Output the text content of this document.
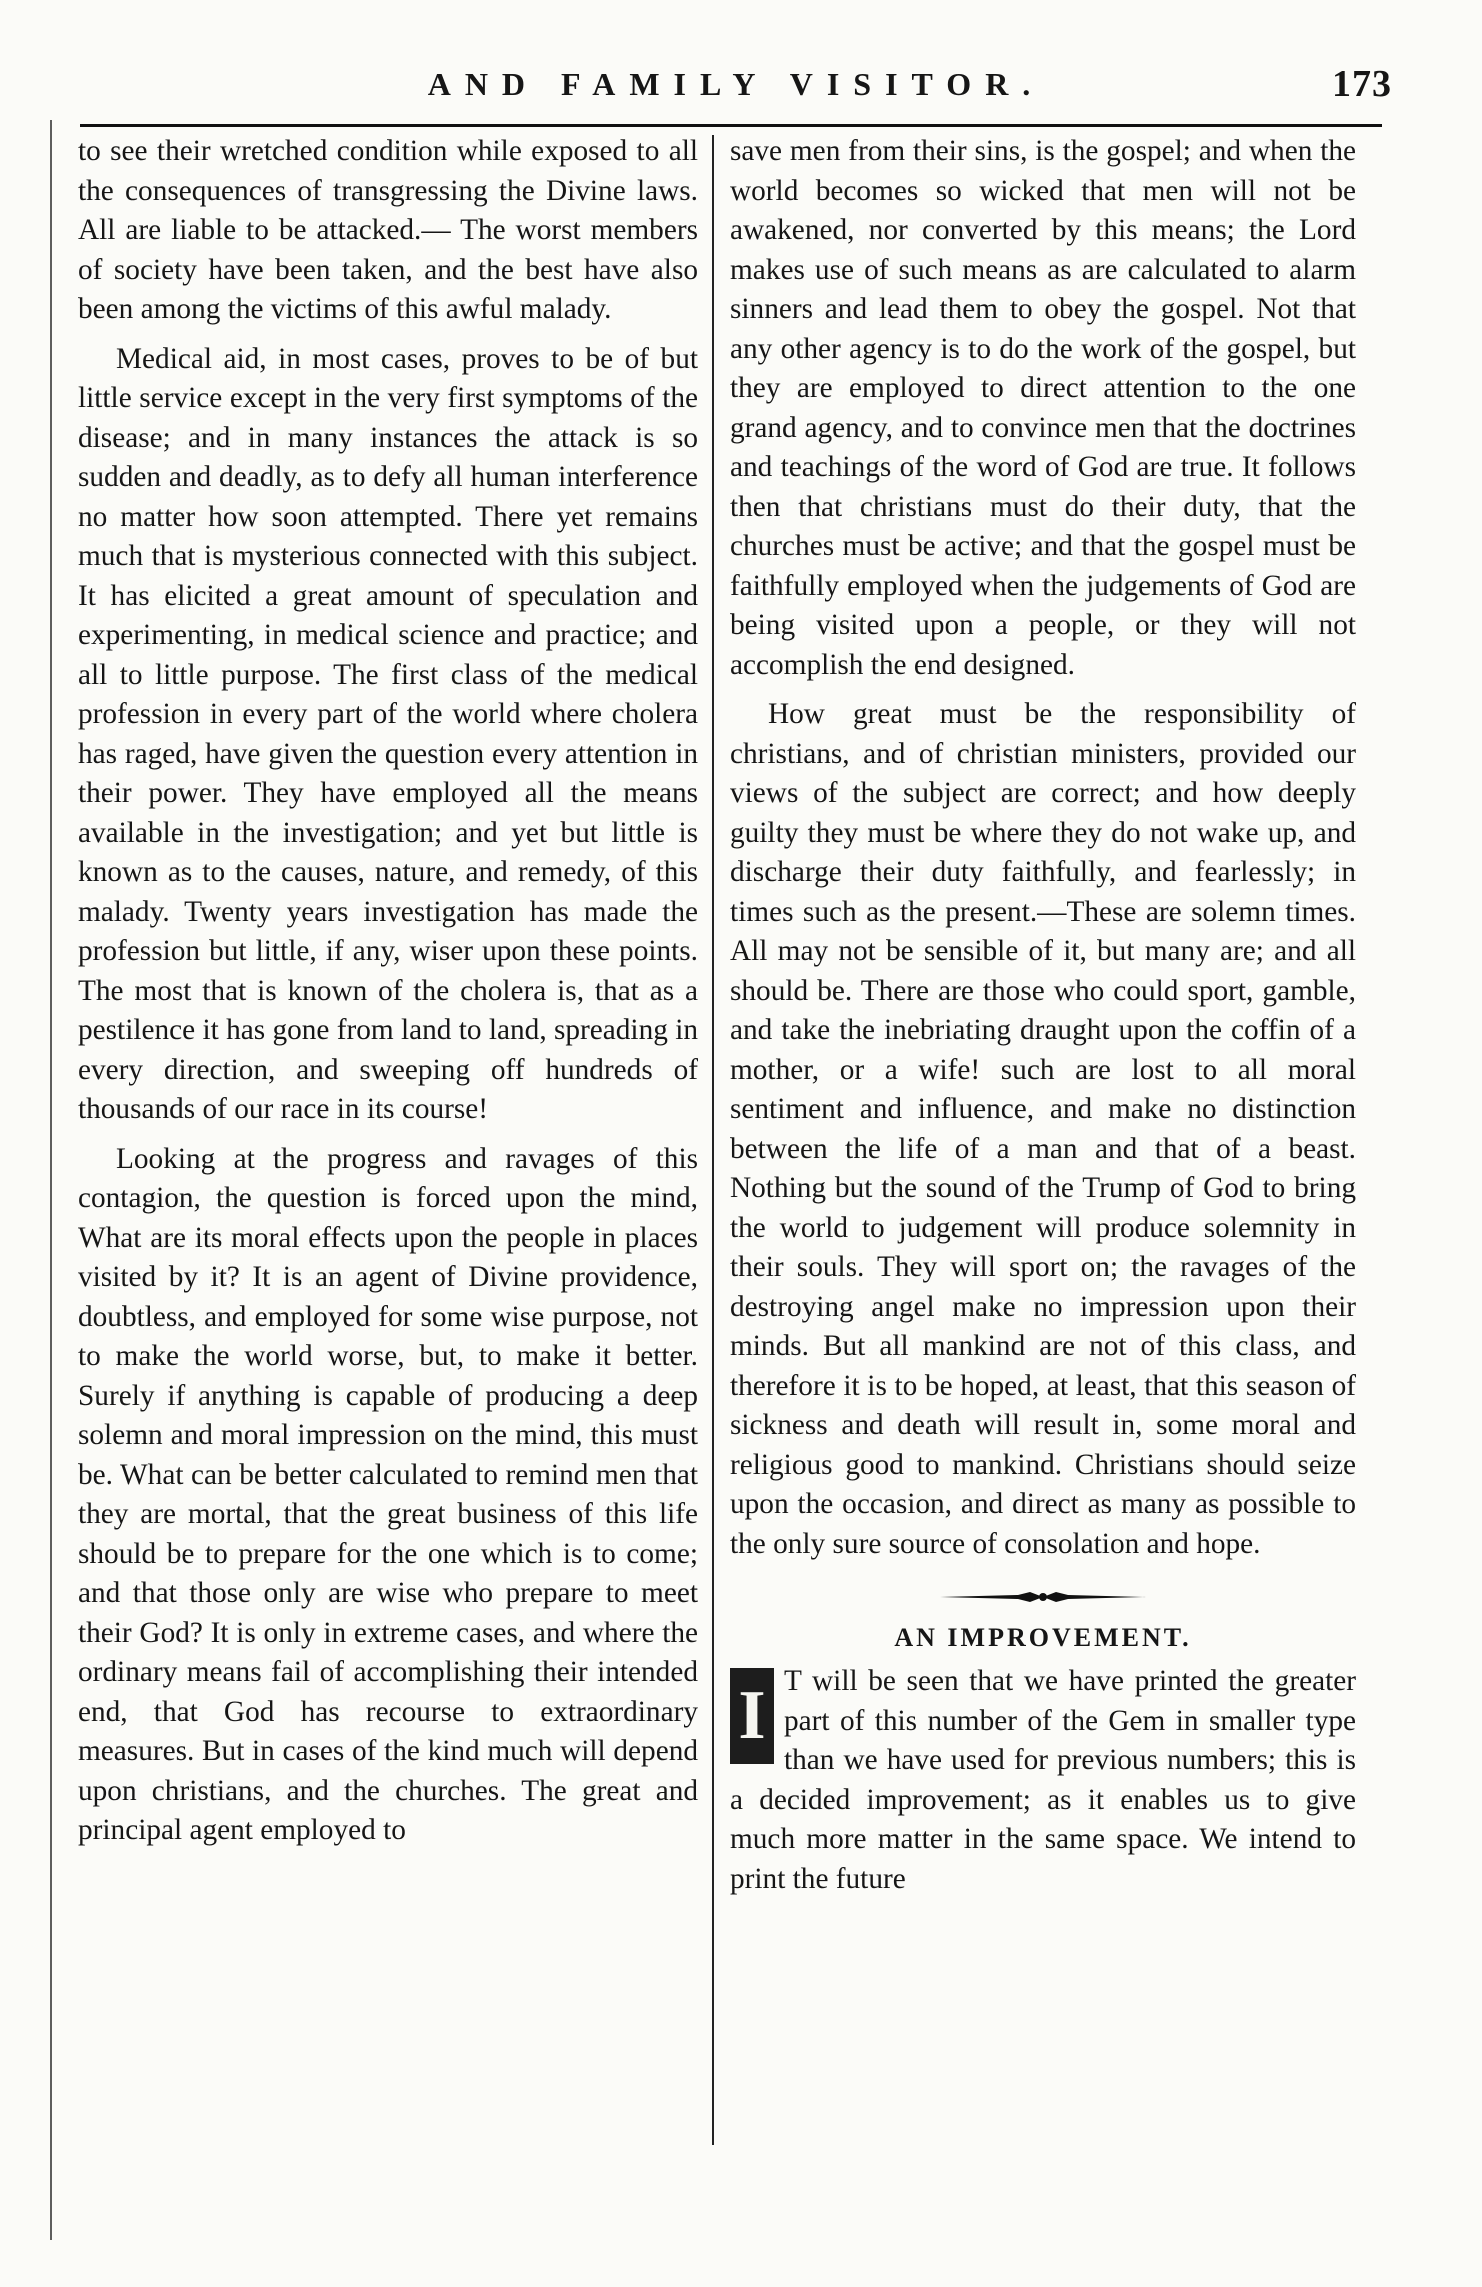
AND FAMILY VISITOR.	173

to see their wretched condition while exposed to all the consequences of transgressing the Divine laws. All are liable to be attacked.— The worst members of society have been taken, and the best have also been among the victims of this awful malady.

Medical aid, in most cases, proves to be of but little service except in the very first symptoms of the disease; and in many instances the attack is so sudden and deadly, as to defy all human interference no matter how soon attempted. There yet remains much that is mysterious connected with this subject. It has elicited a great amount of speculation and experimenting, in medical science and practice; and all to little purpose. The first class of the medical profession in every part of the world where cholera has raged, have given the question every attention in their power. They have employed all the means available in the investigation; and yet but little is known as to the causes, nature, and remedy, of this malady. Twenty years investigation has made the profession but little, if any, wiser upon these points. The most that is known of the cholera is, that as a pestilence it has gone from land to land, spreading in every direction, and sweeping off hundreds of thousands of our race in its course!

Looking at the progress and ravages of this contagion, the question is forced upon the mind, What are its moral effects upon the people in places visited by it? It is an agent of Divine providence, doubtless, and employed for some wise purpose, not to make the world worse, but, to make it better. Surely if anything is capable of producing a deep solemn and moral impression on the mind, this must be. What can be better calculated to remind men that they are mortal, that the great business of this life should be to prepare for the one which is to come; and that those only are wise who prepare to meet their God? It is only in extreme cases, and where the ordinary means fail of accomplishing their intended end, that God has recourse to extraordinary measures. But in cases of the kind much will depend upon christians, and the churches. The great and principal agent employed to

save men from their sins, is the gospel; and when the world becomes so wicked that men will not be awakened, nor converted by this means; the Lord makes use of such means as are calculated to alarm sinners and lead them to obey the gospel. Not that any other agency is to do the work of the gospel, but they are employed to direct attention to the one grand agency, and to convince men that the doctrines and teachings of the word of God are true. It follows then that christians must do their duty, that the churches must be active; and that the gospel must be faithfully employed when the judgements of God are being visited upon a people, or they will not accomplish the end designed.

How great must be the responsibility of christians, and of christian ministers, provided our views of the subject are correct; and how deeply guilty they must be where they do not wake up, and discharge their duty faithfully, and fearlessly; in times such as the present.—These are solemn times. All may not be sensible of it, but many are; and all should be. There are those who could sport, gamble, and take the inebriating draught upon the coffin of a mother, or a wife! such are lost to all moral sentiment and influence, and make no distinction between the life of a man and that of a beast. Nothing but the sound of the Trump of God to bring the world to judgement will produce solemnity in their souls. They will sport on; the ravages of the destroying angel make no impression upon their minds. But all mankind are not of this class, and therefore it is to be hoped, at least, that this season of sickness and death will result in, some moral and religious good to mankind. Christians should seize upon the occasion, and direct as many as possible to the only sure source of consolation and hope.

AN IMPROVEMENT.
I T will be seen that we have printed the greater part of this number of the Gem in smaller type than we have used for previous numbers; this is a decided improvement; as it enables us to give much more matter in the same space. We intend to print the future
